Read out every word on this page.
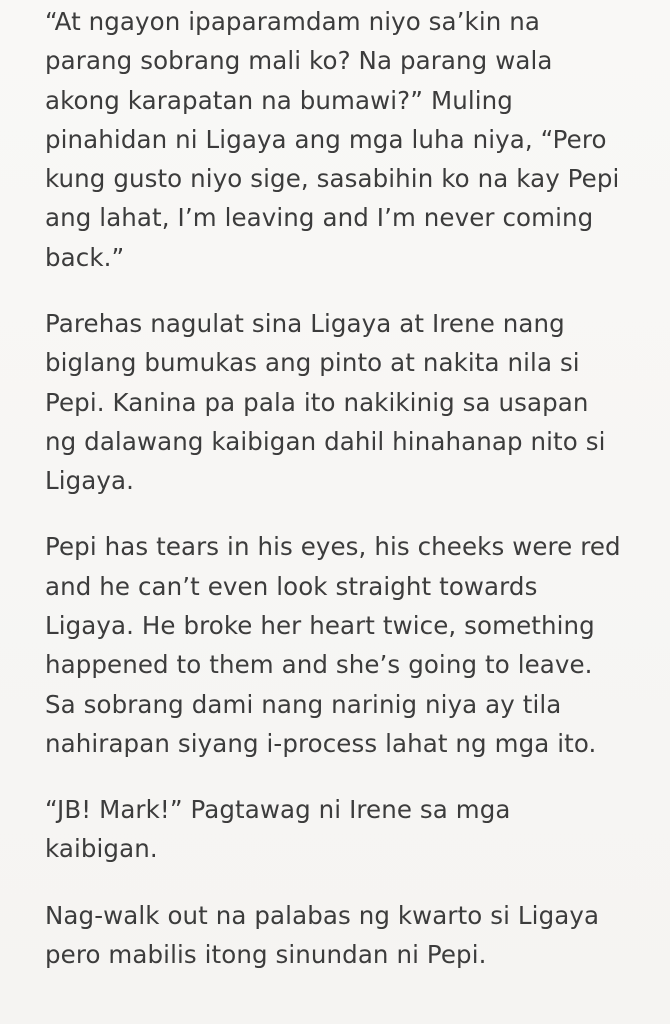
“At ngayon ipaparamdam niyo sa’kin na
parang sobrang mali ko? Na parang wala
akong karapatan na bumawi?” Muling
pinahidan ni Ligaya ang mga luha niya, “Pero
kung gusto niyo sige, sasabihin ko na kay Pepi
ang lahat, I’m leaving and I’m never coming
back.”

Parehas nagulat sina Ligaya at Irene nang
biglang bumukas ang pinto at nakita nila si
Pepi. Kanina pa pala ito nakikinig sa usapan
ng dalawang kaibigan dahil hinahanap nito si
Ligaya.

Pepi has tears in his eyes, his cheeks were red
and he can’t even look straight towards
Ligaya. He broke her heart twice, something
happened to them and she’s going to leave.
Sa sobrang dami nang narinig niya ay tila
nahirapan siyang i-process lahat ng mga ito.

“JB! Mark!” Pagtawag ni Irene sa mga
kaibigan.

Nag-walk out na palabas ng kwarto si Ligaya
pero mabilis itong sinundan ni Pepi.
